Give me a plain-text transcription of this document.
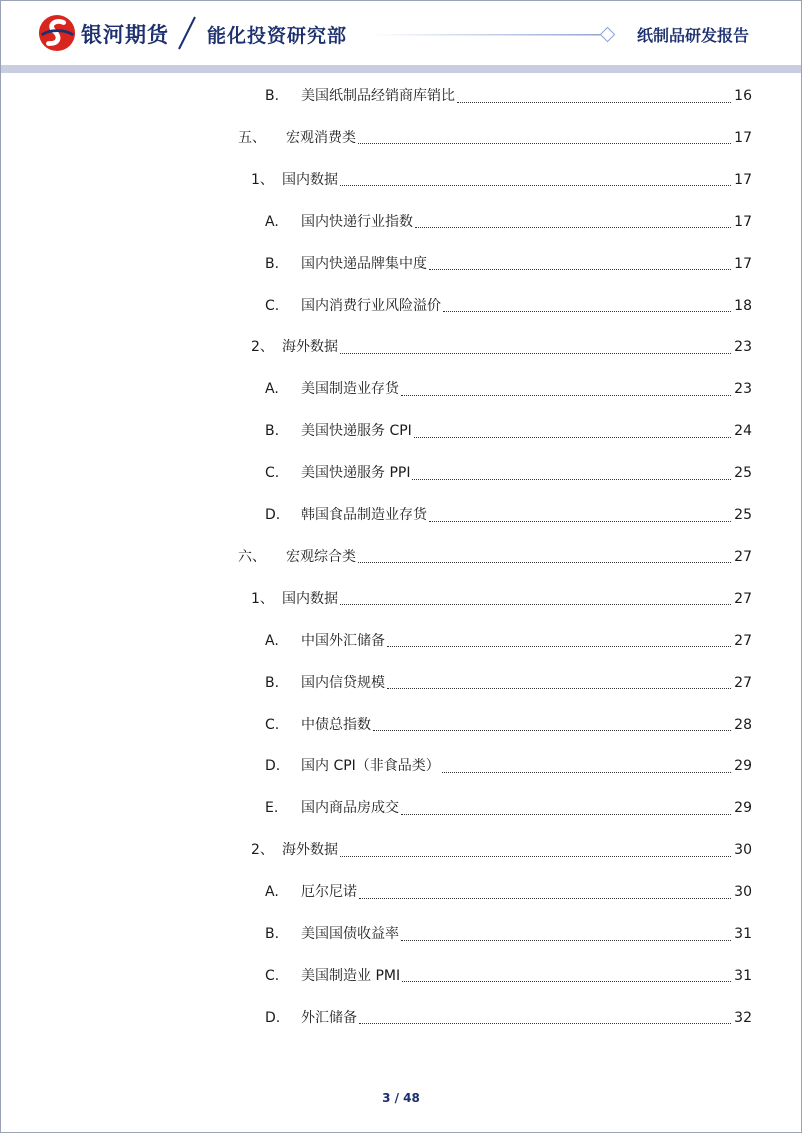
银河期货 能化投资研究部	纸制品研发报告
B.	美国纸制品经销商库销比	16
五、	宏观消费类	17
1、 国内数据	17
A.	国内快递行业指数	17
B.	国内快递品牌集中度	17
C.	国内消费行业风险溢价	18
2、 海外数据	23
A.	美国制造业存货	23
B.	美国快递服务 CPI	24
C.	美国快递服务 PPI	25
D.	韩国食品制造业存货	25
六、	宏观综合类	27
1、 国内数据	27
A.	中国外汇储备	27
B.	国内信贷规模	27
C.	中债总指数	28
D.	国内 CPI（非食品类）	29
E.	国内商品房成交	29
2、 海外数据	30
A.	厄尔尼诺	30
B.	美国国债收益率	31
C.	美国制造业 PMI	31
D.	外汇储备	32
3 / 48
